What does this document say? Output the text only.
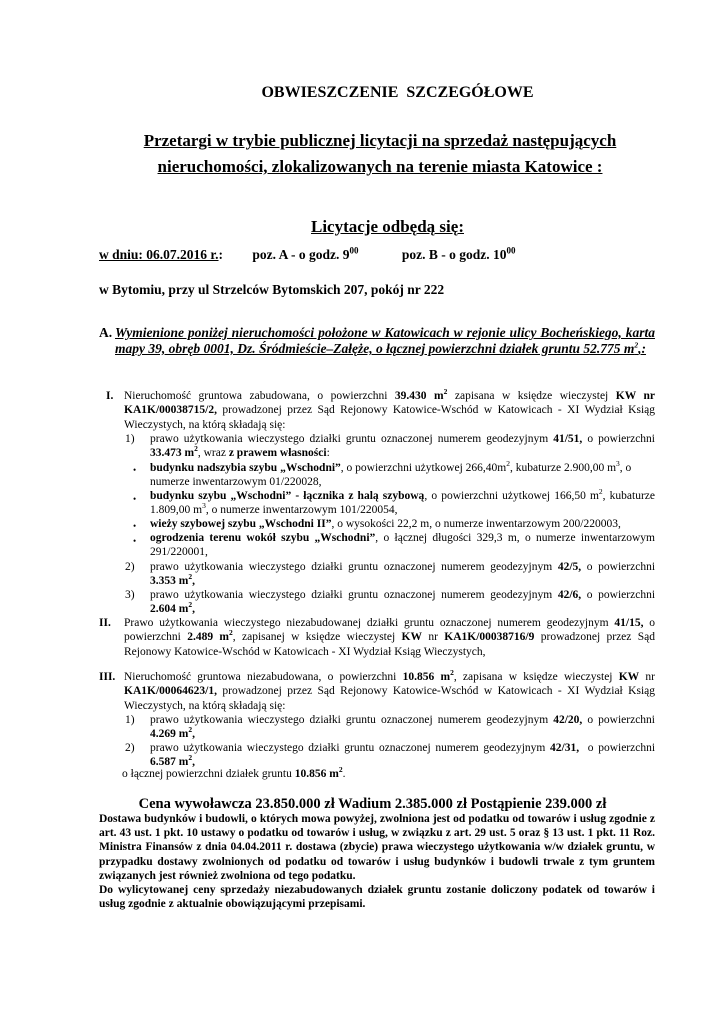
OBWIESZCZENIE SZCZEGÓŁOWE
Przetargi w trybie publicznej licytacji na sprzedaż następujących
nieruchomości, zlokalizowanych na terenie miasta Katowice :
Licytacje odbędą się:
w dniu: 06.07.2016 r.: poz. A - o godz. $9^{00}$	poz. B - o godz. $10^{00}$
w Bytomiu, przy ul Strzelców Bytomskich 207, pokój nr 222
A. Wymienione poniżej nieruchomości położone w Katowicach w rejonie ulicy Bocheńskiego, karta mapy 39, obręb 0001, Dz. Śródmieście–Załęże, o łącznej powierzchni działek gruntu 52.775 $m^2$,:
I. Nieruchomość gruntowa zabudowana, o powierzchni 39.430 $m^2$ zapisana w księdze wieczystej KW nr KA1K/00038715/2, prowadzonej przez Sąd Rejonowy Katowice-Wschód w Katowicach - XI Wydział Ksiąg Wieczystych, na którą składają się:
1) prawo użytkowania wieczystego działki gruntu oznaczonej numerem geodezyjnym 41/51, o powierzchni 33.473 $m^2$, wraz z prawem własności:
• budynku nadszybia szybu „Wschodni”, o powierzchni użytkowej $266,40m^2$, kubaturze 2.900,00 $m^3$, o numerze inwentarzowym 01/220028,
• budynku szybu „Wschodni” - łącznika z halą szybową, o powierzchni użytkowej 166,50 $m^2$, kubaturze 1.809,00 $m^3$, o numerze inwentarzowym 101/220054,
• wieży szybowej szybu „Wschodni II”, o wysokości 22,2 m, o numerze inwentarzowym 200/220003,
• ogrodzenia terenu wokół szybu „Wschodni”, o łącznej długości 329,3 m, o numerze inwentarzowym 291/220001,
2) prawo użytkowania wieczystego działki gruntu oznaczonej numerem geodezyjnym 42/5, o powierzchni 3.353 $m^2$,
3) prawo użytkowania wieczystego działki gruntu oznaczonej numerem geodezyjnym 42/6, o powierzchni 2.604 $m^2$,
II. Prawo użytkowania wieczystego niezabudowanej działki gruntu oznaczonej numerem geodezyjnym 41/15, o powierzchni 2.489 $m^2$, zapisanej w księdze wieczystej KW nr KA1K/00038716/9 prowadzonej przez Sąd Rejonowy Katowice-Wschód w Katowicach - XI Wydział Ksiąg Wieczystych,
III. Nieruchomość gruntowa niezabudowana, o powierzchni 10.856 $m^2$, zapisana w księdze wieczystej KW nr KA1K/00064623/1, prowadzonej przez Sąd Rejonowy Katowice-Wschód w Katowicach - XI Wydział Ksiąg Wieczystych, na którą składają się:
1) prawo użytkowania wieczystego działki gruntu oznaczonej numerem geodezyjnym 42/20, o powierzchni 4.269 $m^2$,
2) prawo użytkowania wieczystego działki gruntu oznaczonej numerem geodezyjnym 42/31, o powierzchni 6.587 $m^2$,
o łącznej powierzchni działek gruntu 10.856 $m^2$.
Cena wywoławcza 23.850.000 zł Wadium 2.385.000 zł Postąpienie 239.000 zł
Dostawa budynków i budowli, o których mowa powyżej, zwolniona jest od podatku od towarów i usług zgodnie z art. 43 ust. 1 pkt. 10 ustawy o podatku od towarów i usług, w związku z art. 29 ust. 5 oraz § 13 ust. 1 pkt. 11 Roz. Ministra Finansów z dnia 04.04.2011 r. dostawa (zbycie) prawa wieczystego użytkowania w/w działek gruntu, w przypadku dostawy zwolnionych od podatku od towarów i usług budynków i budowli trwale z tym gruntem związanych jest również zwolniona od tego podatku.
Do wylicytowanej ceny sprzedaży niezabudowanych działek gruntu zostanie doliczony podatek od towarów i usług zgodnie z aktualnie obowiązującymi przepisami.
